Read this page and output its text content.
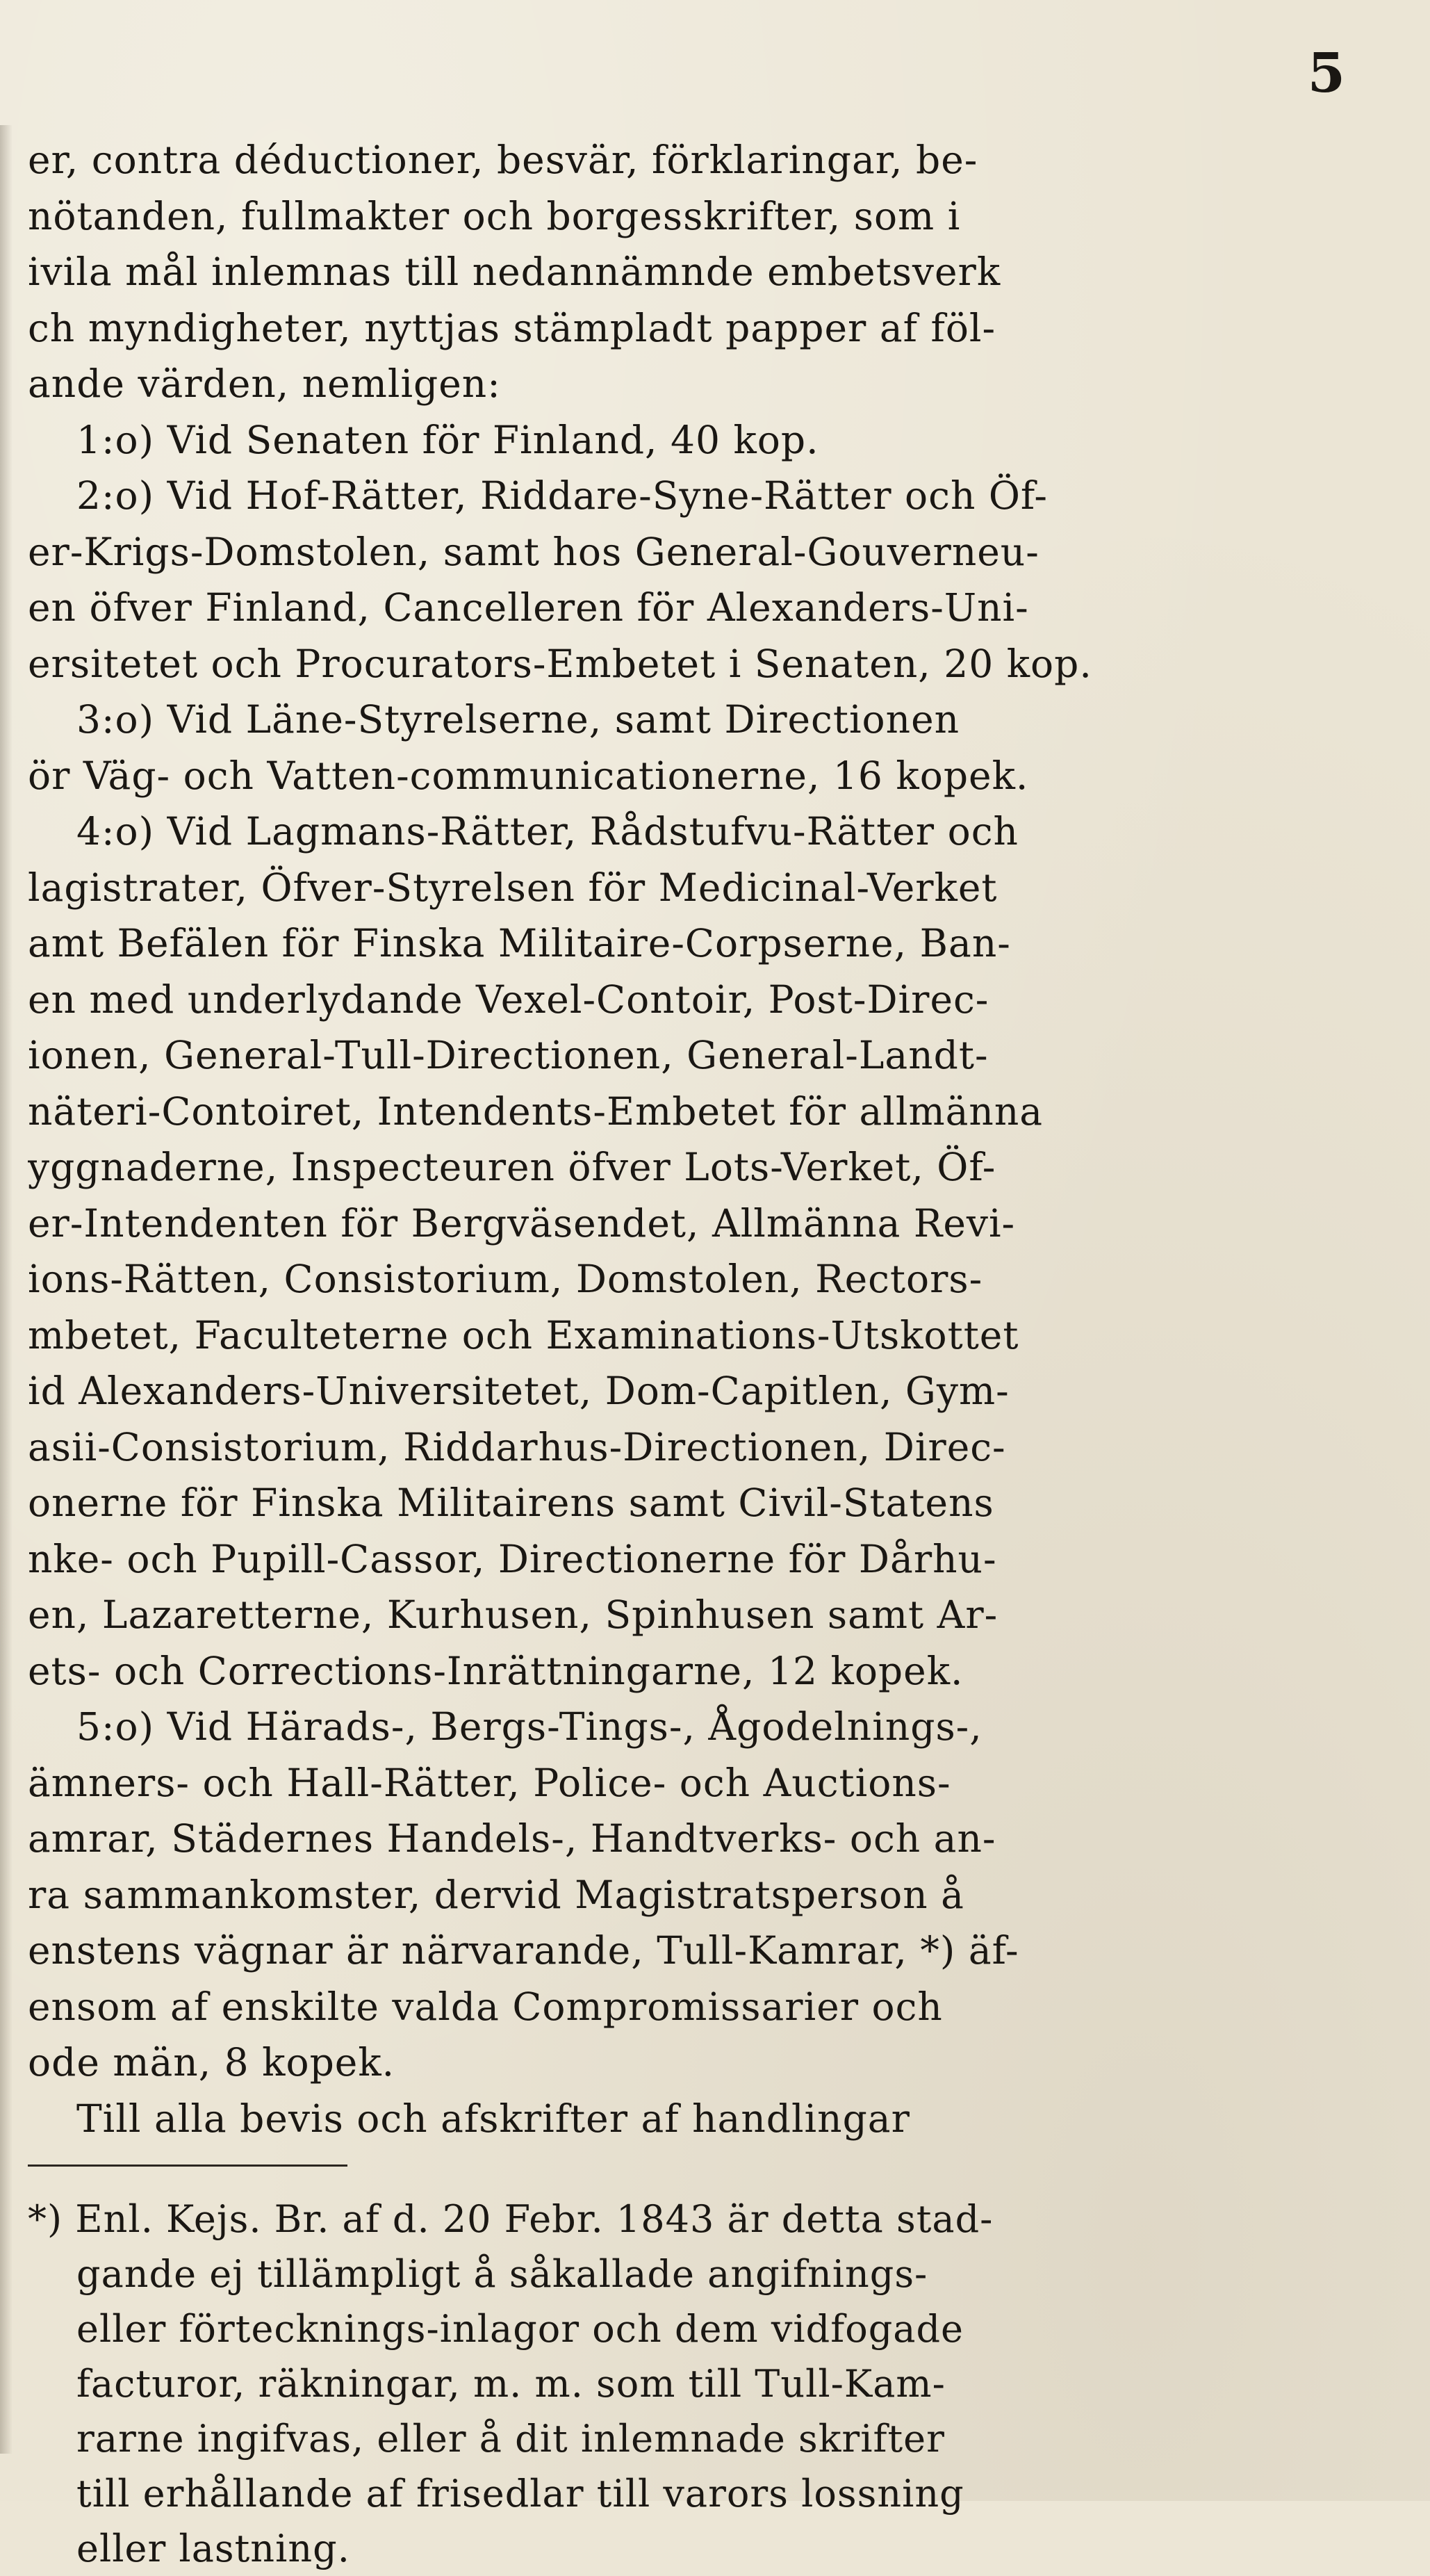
5
er, contra déductioner, besvär, förklaringar, be-
nötanden, fullmakter och borgesskrifter, som i
ivila mål inlemnas till nedannämnde embetsverk
ch myndigheter, nyttjas stämpladt papper af föl-
ande värden, nemligen:
1:o) Vid Senaten för Finland, 40 kop.
2:o) Vid Hof-Rätter, Riddare-Syne-Rätter och Öf-
er-Krigs-Domstolen, samt hos General-Gouverneu-
en öfver Finland, Cancelleren för Alexanders-Uni-
ersitetet och Procurators-Embetet i Senaten, 20 kop.
3:o) Vid Läne-Styrelserne, samt Directionen
ör Väg- och Vatten-communicationerne, 16 kopek.
4:o) Vid Lagmans-Rätter, Rådstufvu-Rätter och
lagistrater, Öfver-Styrelsen för Medicinal-Verket
amt Befälen för Finska Militaire-Corpserne, Ban-
en med underlydande Vexel-Contoir, Post-Direc-
ionen, General-Tull-Directionen, General-Landt-
näteri-Contoiret, Intendents-Embetet för allmänna
yggnaderne, Inspecteuren öfver Lots-Verket, Öf-
er-Intendenten för Bergväsendet, Allmänna Revi-
ions-Rätten, Consistorium, Domstolen, Rectors-
mbetet, Faculteterne och Examinations-Utskottet
id Alexanders-Universitetet, Dom-Capitlen, Gym-
asii-Consistorium, Riddarhus-Directionen, Direc-
onerne för Finska Militairens samt Civil-Statens
nke- och Pupill-Cassor, Directionerne för Dårhu-
en, Lazaretterne, Kurhusen, Spinhusen samt Ar-
ets- och Corrections-Inrättningarne, 12 kopek.
5:o) Vid Härads-, Bergs-Tings-, Ågodelnings-,
ämners- och Hall-Rätter, Police- och Auctions-
amrar, Städernes Handels-, Handtverks- och an-
ra sammankomster, dervid Magistratsperson å
enstens vägnar är närvarande, Tull-Kamrar, *) äf-
ensom af enskilte valda Compromissarier och
ode män, 8 kopek.
Till alla bevis och afskrifter af handlingar
*) Enl. Kejs. Br. af d. 20 Febr. 1843 är detta stad-
gande ej tillämpligt å såkallade angifnings-
eller förtecknings-inlagor och dem vidfogade
facturor, räkningar, m. m. som till Tull-Kam-
rarne ingifvas, eller å dit inlemnade skrifter
till erhållande af frisedlar till varors lossning
eller lastning.
